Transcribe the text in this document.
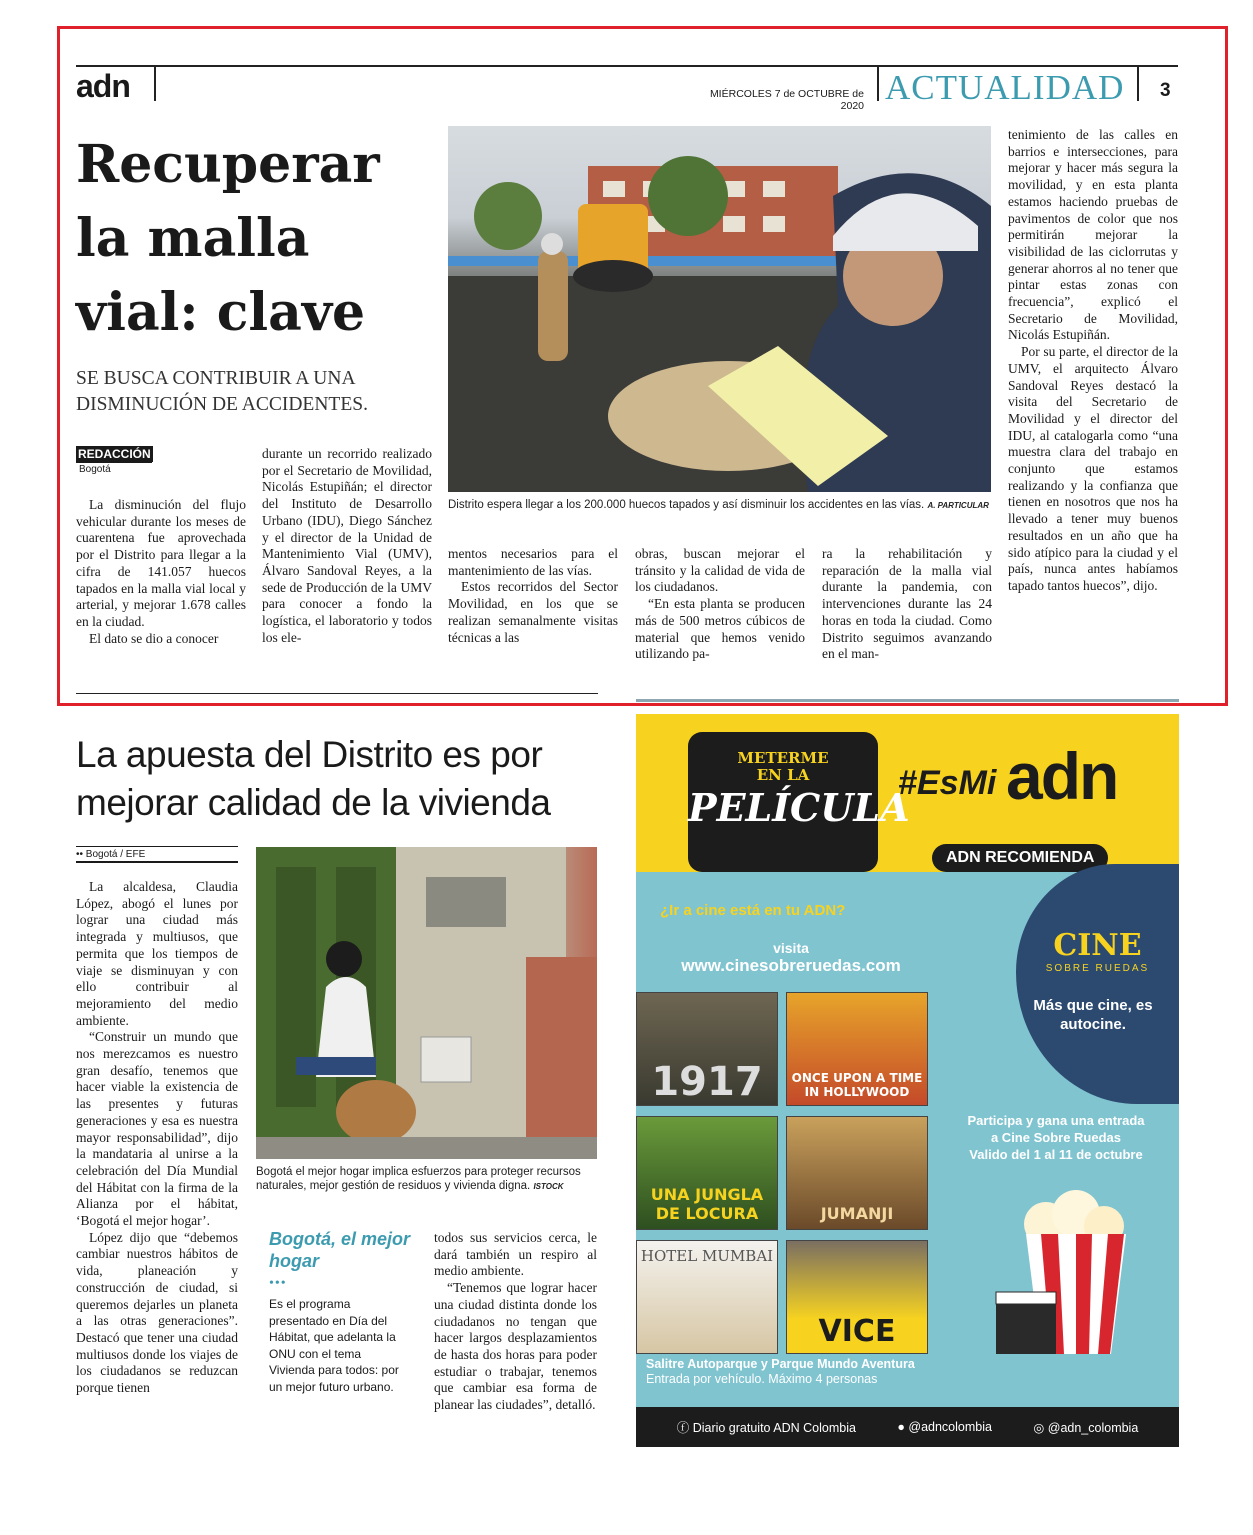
adn	MIÉRCOLES 7 de OCTUBRE de 2020 ACTUALIDAD 3
Recuperar
la malla
vial: clave
SE BUSCA CONTRIBUIR A UNA DISMINUCIÓN DE ACCIDENTES.
REDACCIÓN
Bogotá

La disminución del flujo vehicular durante los meses de cuarentena fue aprovechada por el Distrito para llegar a la cifra de 141.057 huecos tapados en la malla vial local y arterial, y mejorar 1.678 calles en la ciudad.

El dato se dio a conocer

durante un recorrido realizado por el Secretario de Movilidad, Nicolás Estupiñán; el director del Instituto de Desarrollo Urbano (IDU), Diego Sánchez y el director de la Unidad de Mantenimiento Vial (UMV), Álvaro Sandoval Reyes, a la sede de Producción de la UMV para conocer a fondo la logística, el laboratorio y todos los ele-

Distrito espera llegar a los 200.000 huecos tapados y así disminuir los accidentes en las vías. A. PARTICULAR

mentos necesarios para el mantenimiento de las vías.

Estos recorridos del Sector Movilidad, en los que se realizan semanalmente visitas técnicas a las

obras, buscan mejorar el tránsito y la calidad de vida de los ciudadanos.

“En esta planta se producen más de 500 metros cúbicos de material que hemos venido utilizando pa-

ra la rehabilitación y reparación de la malla vial durante la pandemia, con intervenciones durante las 24 horas en toda la ciudad. Como Distrito seguimos avanzando en el man-

tenimiento de las calles en barrios e intersecciones, para mejorar y hacer más segura la movilidad, y en esta planta estamos haciendo pruebas de pavimentos de color que nos permitirán mejorar la visibilidad de las ciclorrutas y generar ahorros al no tener que pintar estas zonas con frecuencia”, explicó el Secretario de Movilidad, Nicolás Estupiñán.

Por su parte, el director de la UMV, el arquitecto Álvaro Sandoval Reyes destacó la visita del Secretario de Movilidad y el director del IDU, al catalogarla como “una muestra clara del trabajo en conjunto que estamos realizando y la confianza que tienen en nosotros que nos ha llevado a tener muy buenos resultados en un año que ha sido atípico para la ciudad y el país, nunca antes habíamos tapado tantos huecos”, dijo.

La apuesta del Distrito es por
mejorar calidad de la vivienda
•• Bogotá / EFE

La alcaldesa, Claudia López, abogó el lunes por lograr una ciudad más integrada y multiusos, que permita que los tiempos de viaje se disminuyan y con ello contribuir al mejoramiento del medio ambiente.

“Construir un mundo que nos merezcamos es nuestro gran desafío, tenemos que hacer viable la existencia de las presentes y futuras generaciones y esa es nuestra mayor responsabilidad”, dijo la mandataria al unirse a la celebración del Día Mundial del Hábitat con la firma de la Alianza por el hábitat, ‘Bogotá el mejor hogar’.

López dijo que “debemos cambiar nuestros hábitos de vida, planeación y construcción de ciudad, si queremos dejarles un planeta a las otras generaciones”. Destacó que tener una ciudad multiusos donde los viajes de los ciudadanos se reduzcan porque tienen

Bogotá el mejor hogar implica esfuerzos para proteger recursos naturales, mejor gestión de residuos y vivienda digna. ISTOCK
Bogotá, el mejor hogar
•••
Es el programa presentado en Día del Hábitat, que adelanta la ONU con el tema Vivienda para todos: por un mejor futuro urbano.

todos sus servicios cerca, le dará también un respiro al medio ambiente.

“Tenemos que lograr hacer una ciudad distinta donde los ciudadanos no tengan que hacer largos desplazamientos de hasta dos horas para poder estudiar o trabajar, tenemos que cambiar esa forma de planear las ciudades”, detalló.

METERME
EN LA
PELÍCULA
#EsMi adn
ADN RECOMIENDA
¿Ir a cine está en tu ADN?
visita
www.cinesobreruedas.com
CINE
SOBRE RUEDAS
Más que cine, es autocine.
1917	ONCE UPON A TIME IN HOLLYWOOD
UNA JUNGLA DE LOCURA	JUMANJI
HOTEL MUMBAI
VICE
Participa y gana una entrada
a Cine Sobre Ruedas
Valido del 1 al 11 de octubre
Salitre Autoparque y Parque Mundo Aventura
Entrada por vehículo. Máximo 4 personas
ⓕ Diario gratuito ADN Colombia	● @adncolombia	◎ @adn_colombia
